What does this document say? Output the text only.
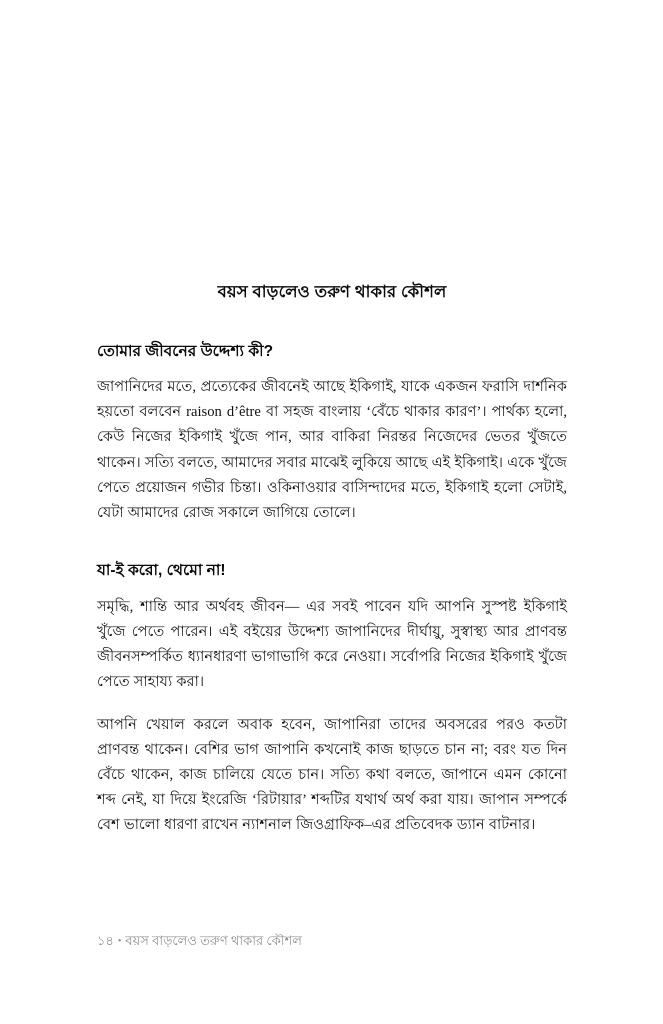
বয়স বাড়লেও তরুণ থাকার কৌশল
তোমার জীবনের উদ্দেশ্য কী?

জাপানিদের মতে, প্রত্যেকের জীবনেই আছে ইকিগাই, যাকে একজন ফরাসি দার্শনিক হয়তো বলবেন raison d’être বা সহজ বাংলায় ‘বেঁচে থাকার কারণ’। পার্থক্য হলো, কেউ নিজের ইকিগাই খুঁজে পান, আর বাকিরা নিরন্তর নিজেদের ভেতর খুঁজতে থাকেন। সত্যি বলতে, আমাদের সবার মাঝেই লুকিয়ে আছে এই ইকিগাই। একে খুঁজে পেতে প্রয়োজন গভীর চিন্তা। ওকিনাওয়ার বাসিন্দাদের মতে, ইকিগাই হলো সেটাই, যেটা আমাদের রোজ সকালে জাগিয়ে তোলে।

যা-ই করো, থেমো না!

সমৃদ্ধি, শান্তি আর অর্থবহ জীবন— এর সবই পাবেন যদি আপনি সুস্পষ্ট ইকিগাই খুঁজে পেতে পারেন। এই বইয়ের উদ্দেশ্য জাপানিদের দীর্ঘায়ু, সুস্বাস্থ্য আর প্রাণবন্ত জীবনসম্পর্কিত ধ্যানধারণা ভাগাভাগি করে নেওয়া। সর্বোপরি নিজের ইকিগাই খুঁজে পেতে সাহায্য করা।

আপনি খেয়াল করলে অবাক হবেন, জাপানিরা তাদের অবসরের পরও কতটা প্রাণবন্ত থাকেন। বেশির ভাগ জাপানি কখনোই কাজ ছাড়তে চান না; বরং যত দিন বেঁচে থাকেন, কাজ চালিয়ে যেতে চান। সত্যি কথা বলতে, জাপানে এমন কোনো শব্দ নেই, যা দিয়ে ইংরেজি ‘রিটায়ার’ শব্দটির যথার্থ অর্থ করা যায়। জাপান সম্পর্কে বেশ ভালো ধারণা রাখেন ন্যাশনাল জিওগ্রাফিক–এর প্রতিবেদক ড্যান বাটনার।

১৪ • বয়স বাড়লেও তরুণ থাকার কৌশল
